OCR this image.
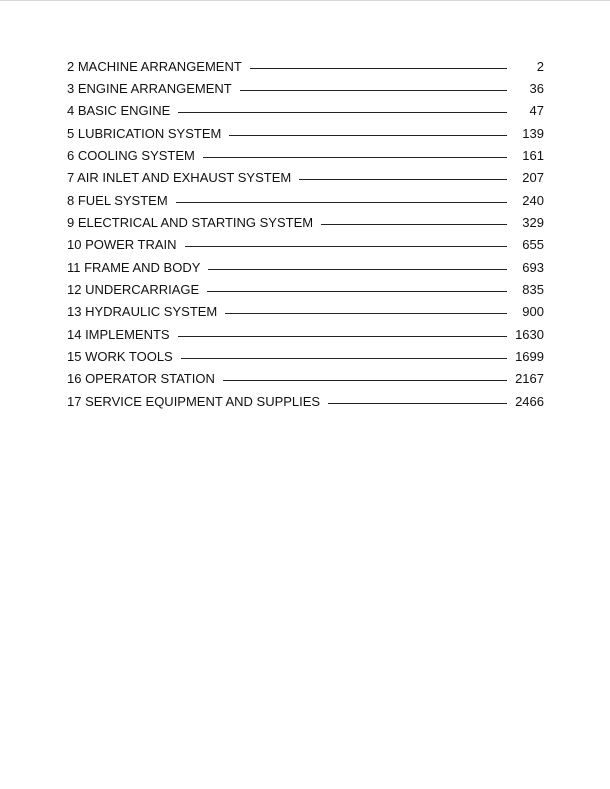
2 MACHINE ARRANGEMENT	2
3 ENGINE ARRANGEMENT	36
4 BASIC ENGINE	47
5 LUBRICATION SYSTEM	139
6 COOLING SYSTEM	161
7 AIR INLET AND EXHAUST SYSTEM	207
8 FUEL SYSTEM	240
9 ELECTRICAL AND STARTING SYSTEM	329
10 POWER TRAIN	655
11 FRAME AND BODY	693
12 UNDERCARRIAGE	835
13 HYDRAULIC SYSTEM	900
14 IMPLEMENTS	1630
15 WORK TOOLS	1699
16 OPERATOR STATION	2167
17 SERVICE EQUIPMENT AND SUPPLIES	2466
